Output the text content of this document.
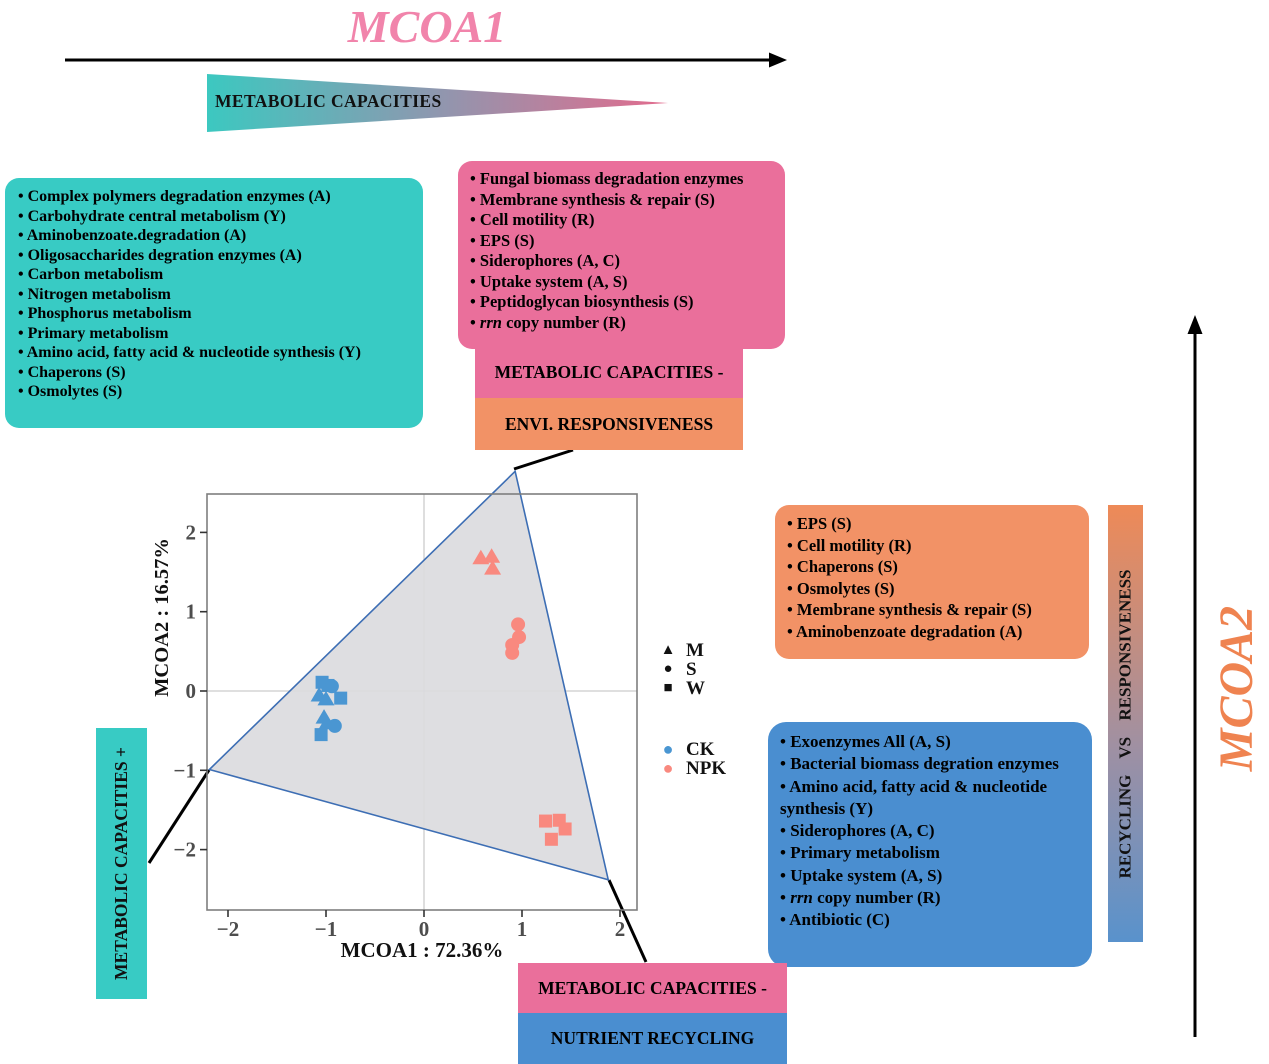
−2	−1	0	1	2
−2
−1
0
1
2
MCOA1
METABOLIC CAPACITIES
• Complex polymers degradation enzymes (A)
• Carbohydrate central metabolism (Y)
• Aminobenzoate.degradation (A)
• Oligosaccharides degration enzymes (A)
• Carbon metabolism
• Nitrogen metabolism
• Phosphorus metabolism
• Primary metabolism
• Amino acid, fatty acid & nucleotide synthesis (Y)
• Chaperons (S)
• Osmolytes (S)
• Fungal biomass degradation enzymes
• Membrane synthesis & repair (S)
• Cell motility (R)
• EPS (S)
• Siderophores (A, C)
• Uptake system (A, S)
• Peptidoglycan biosynthesis (S)
• rrn copy number (R)
• EPS (S)
• Cell motility (R)
• Chaperons (S)
• Osmolytes (S)
• Membrane synthesis & repair (S)
• Aminobenzoate degradation (A)
• Exoenzymes All (A, S)
• Bacterial biomass degration enzymes
• Amino acid, fatty acid & nucleotide synthesis (Y)
• Siderophores (A, C)
• Primary metabolism
• Uptake system (A, S)
• rrn copy number (R)
• Antibiotic (C)
METABOLIC CAPACITIES -
ENVI. RESPONSIVENESS
METABOLIC CAPACITIES -
NUTRIENT RECYCLING
MCOA2 : 16.57%
MCOA1 : 72.36%
▲ M
● S
■ W
● CK
● NPK
METABOLIC CAPACITIES +	RECYCLING VS RESPONSIVENESS MCOA2
